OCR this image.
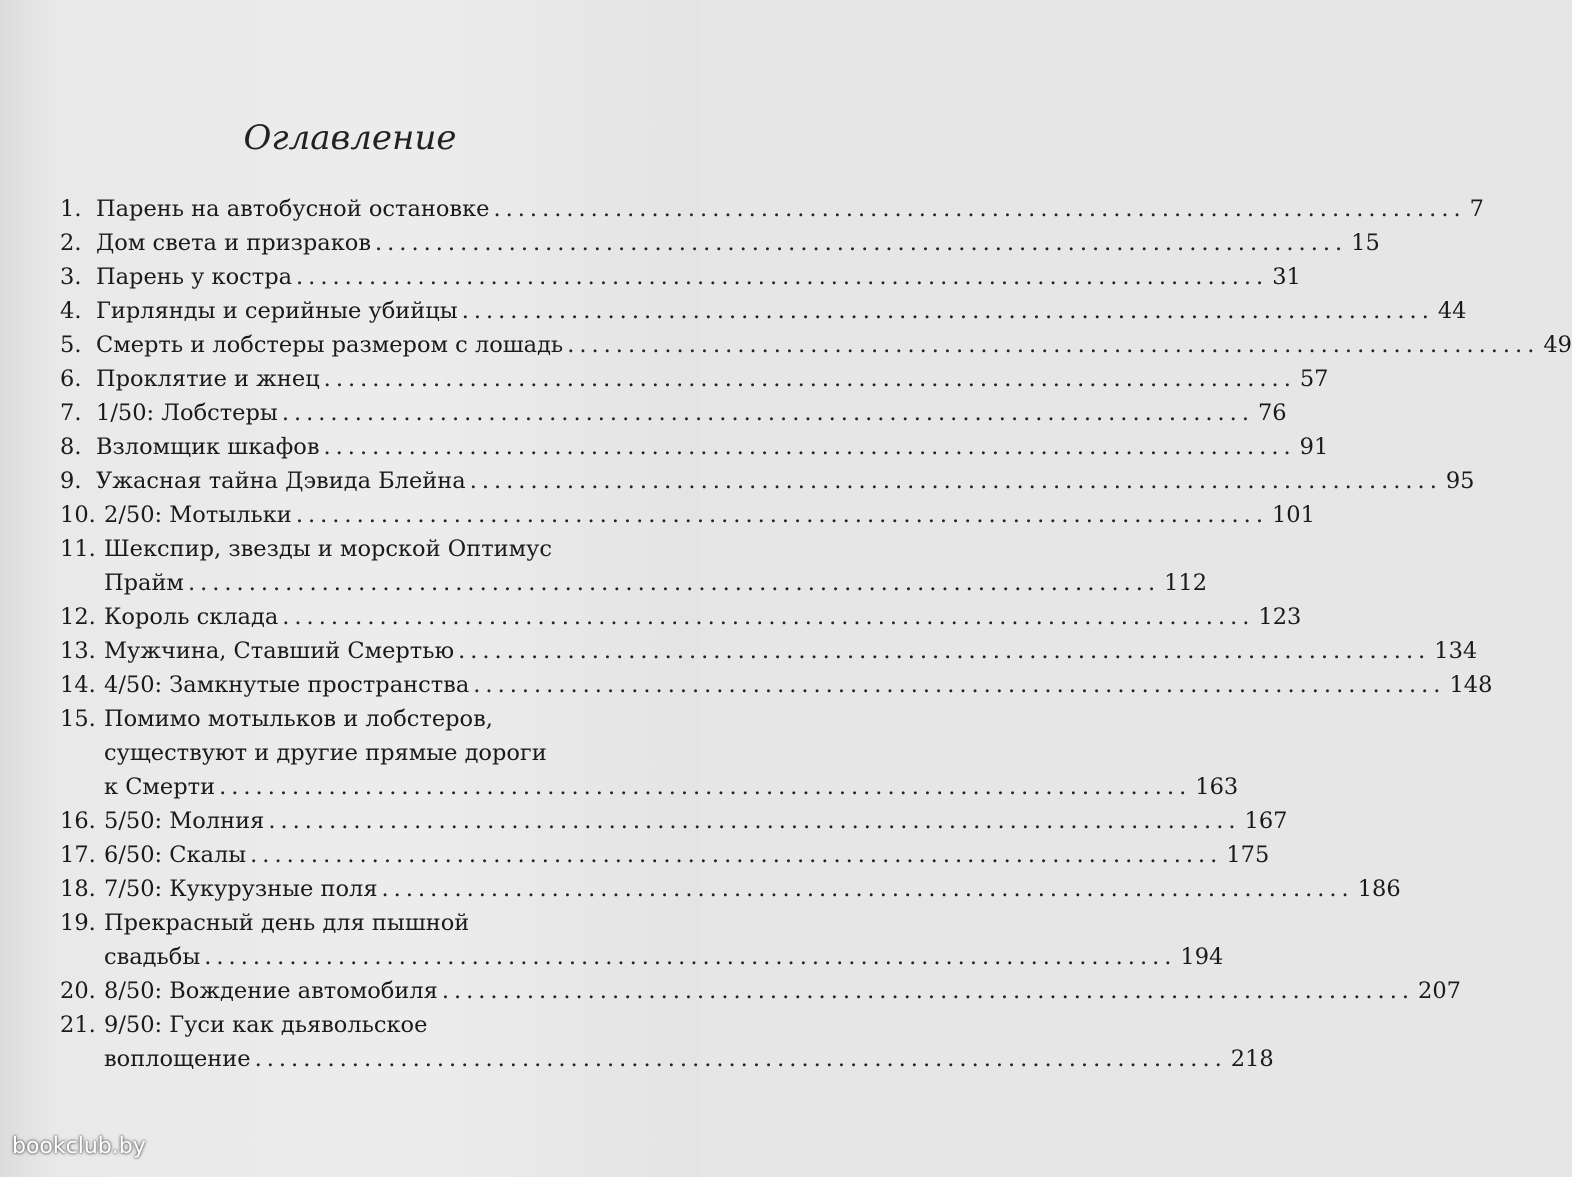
Оглавление
1. Парень на автобусной остановке ................................................................................ 7
2. Дом света и призраков ................................................................................ 15
3. Парень у костра ................................................................................ 31
4. Гирлянды и серийные убийцы ................................................................................ 44
5. Смерть и лобстеры размером с лошадь ................................................................................ 49
6. Проклятие и жнец ................................................................................ 57
7. 1/50: Лобстеры ................................................................................ 76
8. Взломщик шкафов ................................................................................ 91
9. Ужасная тайна Дэвида Блейна ................................................................................ 95
10. 2/50: Мотыльки ................................................................................ 101
11. Шекспир, звезды и морской Оптимус
Прайм ................................................................................ 112
12. Король склада ................................................................................ 123
13. Мужчина, Ставший Смертью ................................................................................ 134
14. 4/50: Замкнутые пространства ................................................................................ 148
15. Помимо мотыльков и лобстеров,
существуют и другие прямые дороги
к Смерти ................................................................................ 163
16. 5/50: Молния ................................................................................ 167
17. 6/50: Скалы ................................................................................ 175
18. 7/50: Кукурузные поля ................................................................................ 186
19. Прекрасный день для пышной
свадьбы ................................................................................ 194
20. 8/50: Вождение автомобиля ................................................................................ 207
21. 9/50: Гуси как дьявольское
воплощение ................................................................................ 218
bookclub.by
